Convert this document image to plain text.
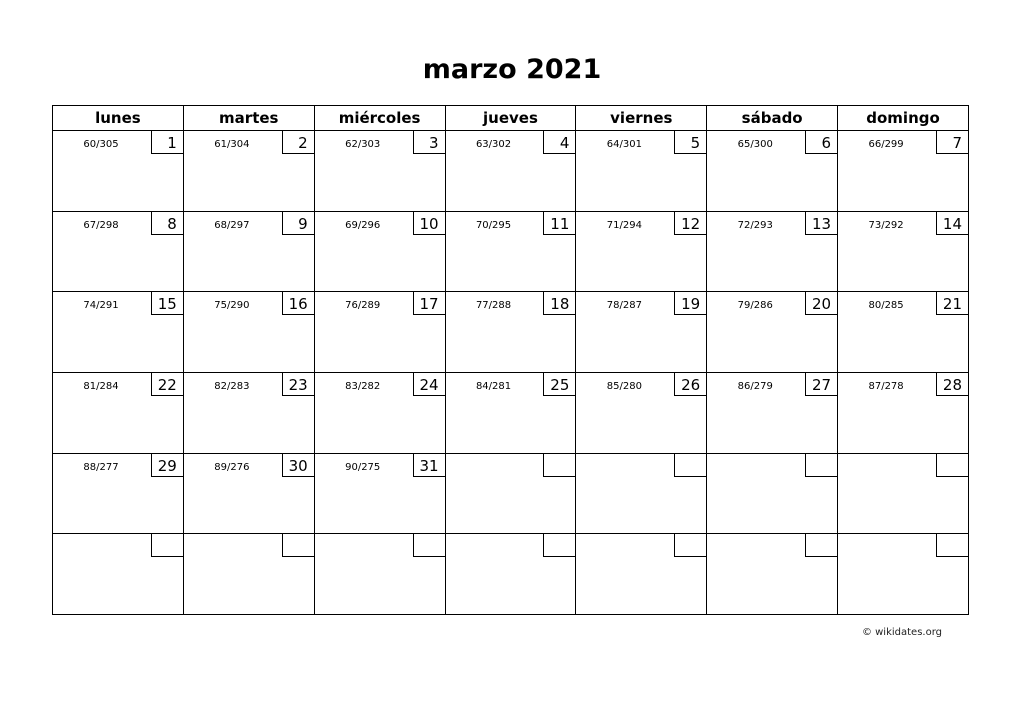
marzo 2021
lunes	martes	miércoles	jueves	viernes	sábado	domingo

60/305 1	61/304 2	62/303 3	63/302 4	64/301 5	65/300 6	66/299 7

67/298 8	68/297 9	69/296 10	70/295 11	71/294 12	72/293 13	73/292 14

74/291 15	75/290 16	76/289 17	77/288 18	78/287 19	79/286 20	80/285 21

81/284 22	82/283 23	83/282 24	84/281 25	85/280 26	86/279 27	87/278 28

88/277 29	89/276 30	90/275 31				

© wikidates.org
